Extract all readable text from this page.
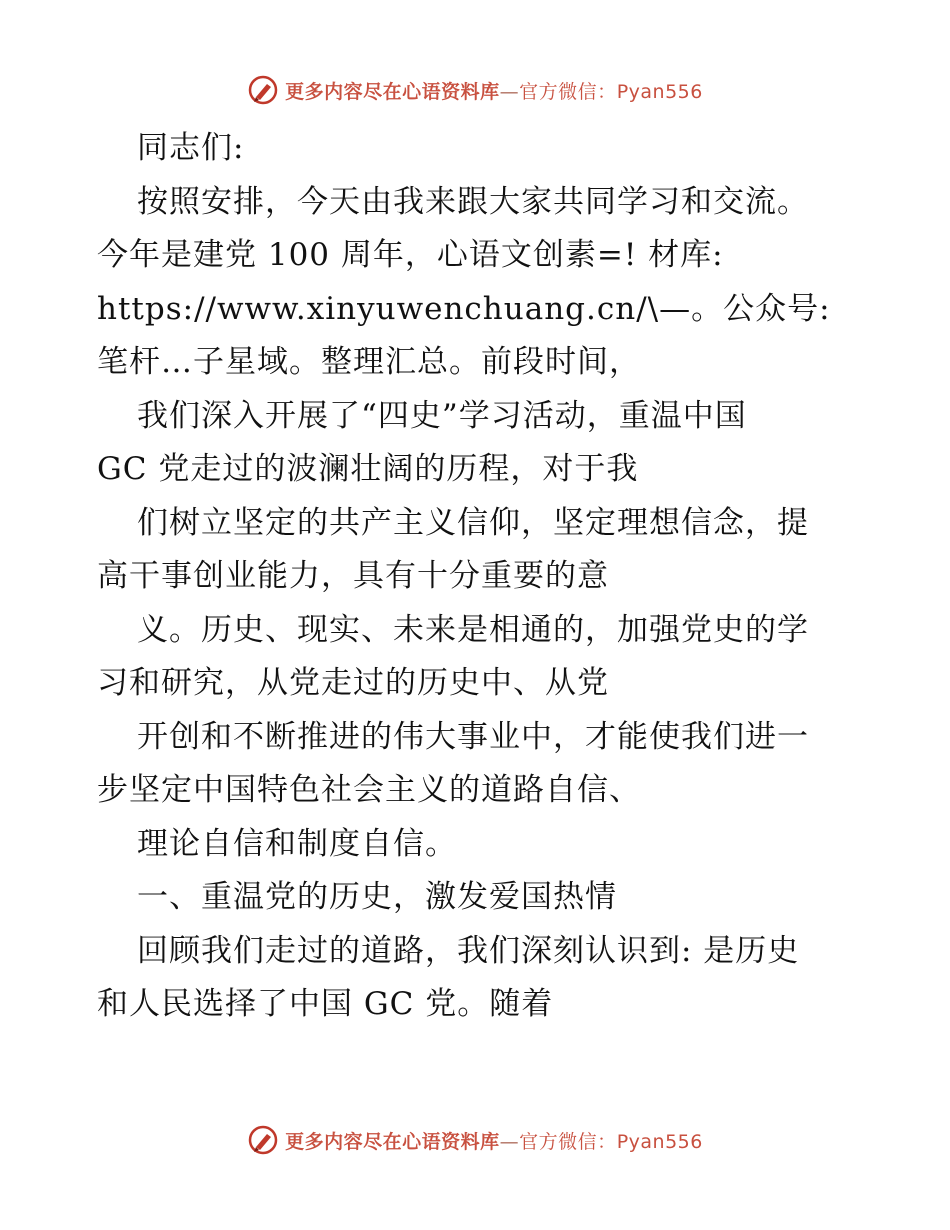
更多内容尽在心语资料库—官方微信：Pyan556

同志们:

按照安排，今天由我来跟大家共同学习和交流。

今年是建党 100 周年，心语文创素=! 材库:

https://www.xinyuwenchuang.cn/\—。公众号:

笔杆…子星域。整理汇总。前段时间，

我们深入开展了“四史”学习活动，重温中国

GC 党走过的波澜壮阔的历程，对于我

们树立坚定的共产主义信仰，坚定理想信念，提

高干事创业能力，具有十分重要的意

义。历史、现实、未来是相通的，加强党史的学

习和研究，从党走过的历史中、从党

开创和不断推进的伟大事业中，才能使我们进一

步坚定中国特色社会主义的道路自信、

理论自信和制度自信。

一、重温党的历史，激发爱国热情

回顾我们走过的道路，我们深刻认识到: 是历史

和人民选择了中国 GC 党。随着

更多内容尽在心语资料库—官方微信：Pyan556
